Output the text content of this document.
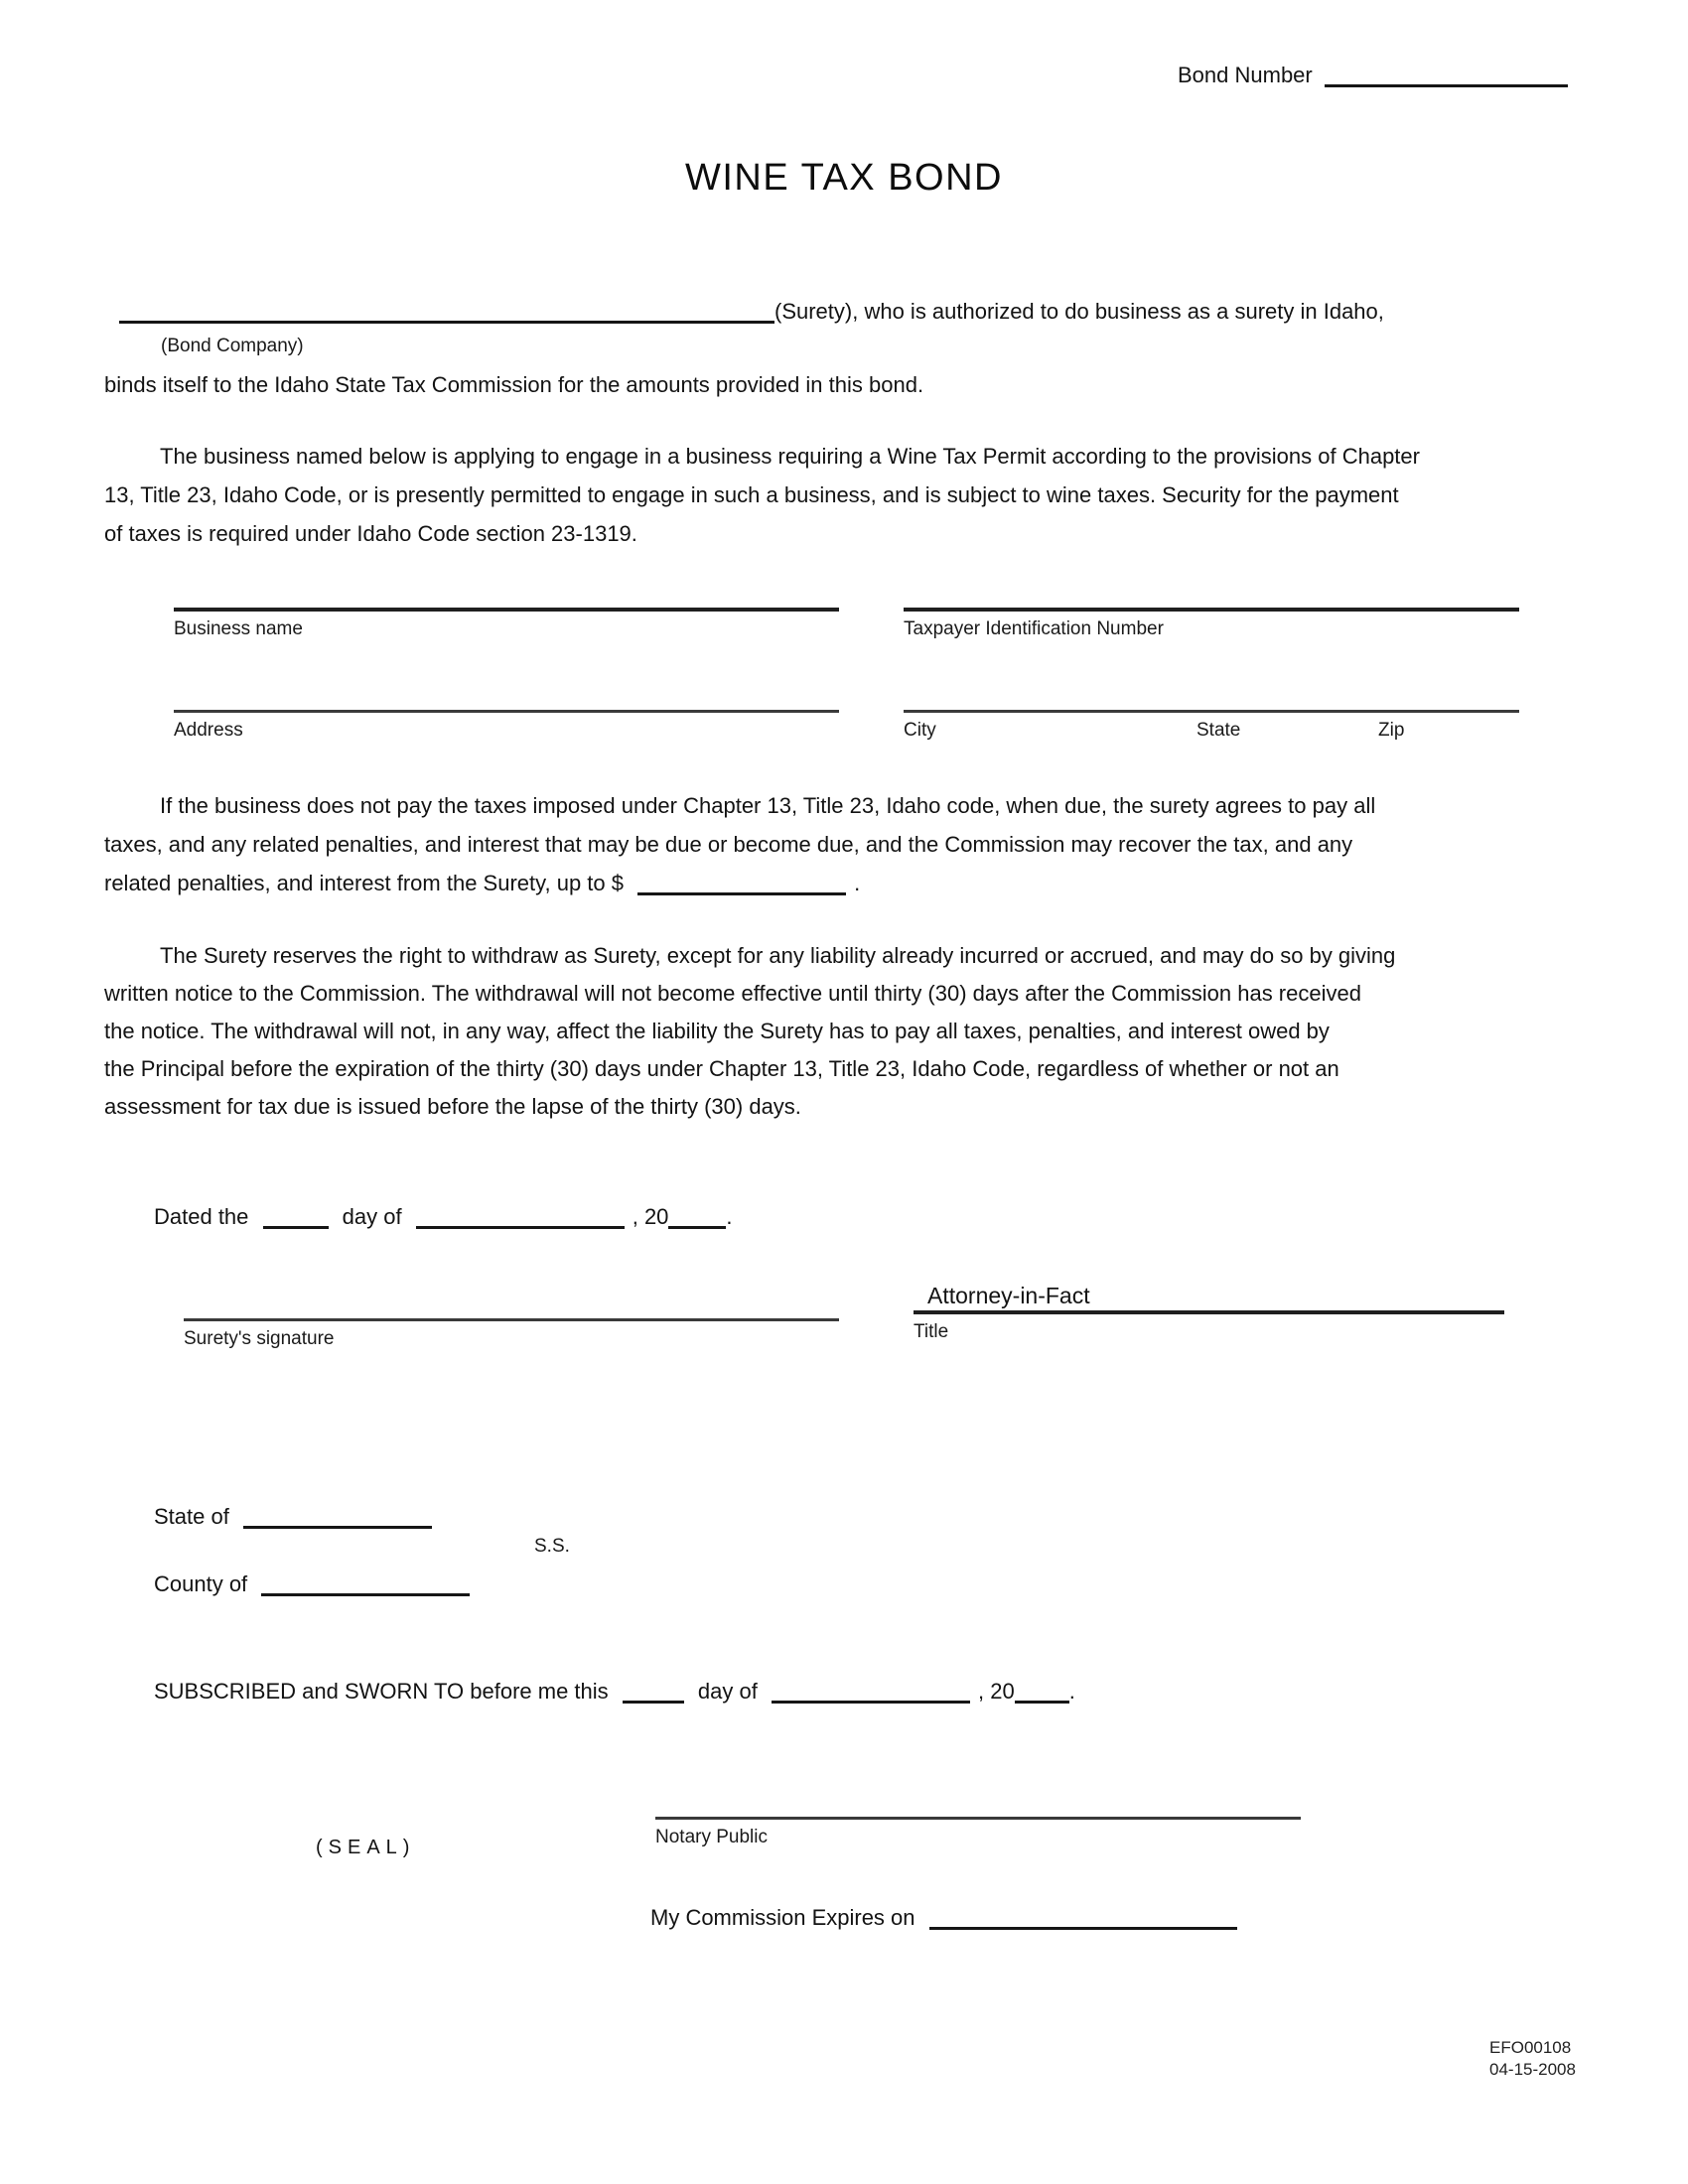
Bond Number
WINE TAX BOND
(Surety), who is authorized to do business as a surety in Idaho,
(Bond Company)
binds itself to the Idaho State Tax Commission for the amounts provided in this bond.
The business named below is applying to engage in a business requiring a Wine Tax Permit according to the provisions of Chapter
13, Title 23, Idaho Code, or is presently permitted to engage in such a business, and is subject to wine taxes. Security for the payment
of taxes is required under Idaho Code section 23-1319.
Business name	Taxpayer Identification Number
Address	City	State	Zip
If the business does not pay the taxes imposed under Chapter 13, Title 23, Idaho code, when due, the surety agrees to pay all
taxes, and any related penalties, and interest that may be due or become due, and the Commission may recover the tax, and any
related penalties, and interest from the Surety, up to $	.
The Surety reserves the right to withdraw as Surety, except for any liability already incurred or accrued, and may do so by giving
written notice to the Commission. The withdrawal will not become effective until thirty (30) days after the Commission has received
the notice. The withdrawal will not, in any way, affect the liability the Surety has to pay all taxes, penalties, and interest owed by
the Principal before the expiration of the thirty (30) days under Chapter 13, Title 23, Idaho Code, regardless of whether or not an
assessment for tax due is issued before the lapse of the thirty (30) days.
Dated the	day of	, 20	.
Surety's signature
Attorney-in-Fact
Title
State of
S.S.
County of
SUBSCRIBED and SWORN TO before me this	day of	, 20	.
(SEAL)	Notary Public
My Commission Expires on
EFO00108
04-15-2008
